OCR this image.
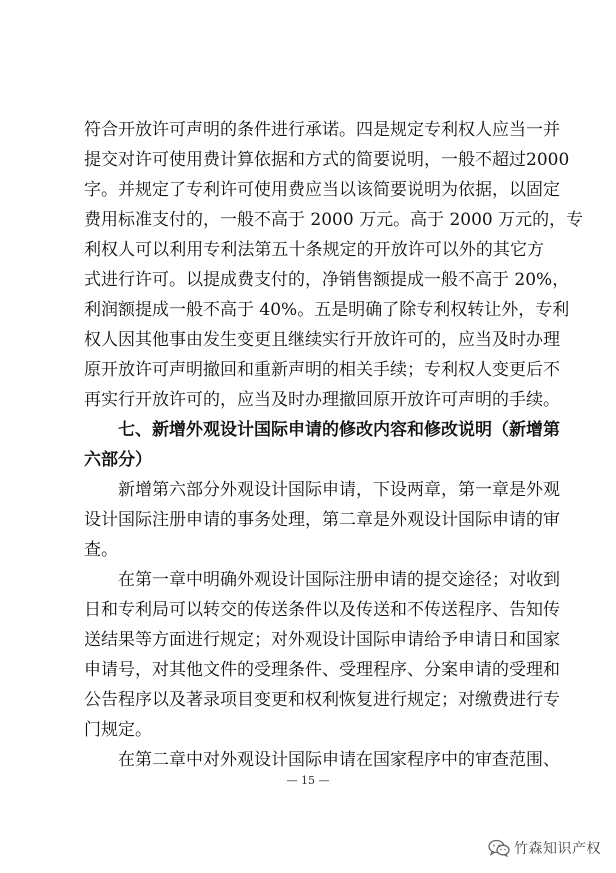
符合开放许可声明的条件进行承诺。四是规定专利权人应当一并
提交对许可使用费计算依据和方式的简要说明，一般不超过2000
字。并规定了专利许可使用费应当以该简要说明为依据，以固定
费用标准支付的，一般不高于 2000 万元。高于 2000 万元的，专
利权人可以利用专利法第五十条规定的开放许可以外的其它方
式进行许可。以提成费支付的，净销售额提成一般不高于 20%，
利润额提成一般不高于 40%。五是明确了除专利权转让外，专利
权人因其他事由发生变更且继续实行开放许可的，应当及时办理
原开放许可声明撤回和重新声明的相关手续；专利权人变更后不
再实行开放许可的，应当及时办理撤回原开放许可声明的手续。
七、新增外观设计国际申请的修改内容和修改说明（新增第
六部分）
新增第六部分外观设计国际申请，下设两章，第一章是外观
设计国际注册申请的事务处理，第二章是外观设计国际申请的审
查。
在第一章中明确外观设计国际注册申请的提交途径；对收到
日和专利局可以转交的传送条件以及传送和不传送程序、告知传
送结果等方面进行规定；对外观设计国际申请给予申请日和国家
申请号，对其他文件的受理条件、受理程序、分案申请的受理和
公告程序以及著录项目变更和权利恢复进行规定；对缴费进行专
门规定。
在第二章中对外观设计国际申请在国家程序中的审查范围、
— 15 —
竹森知识产权
